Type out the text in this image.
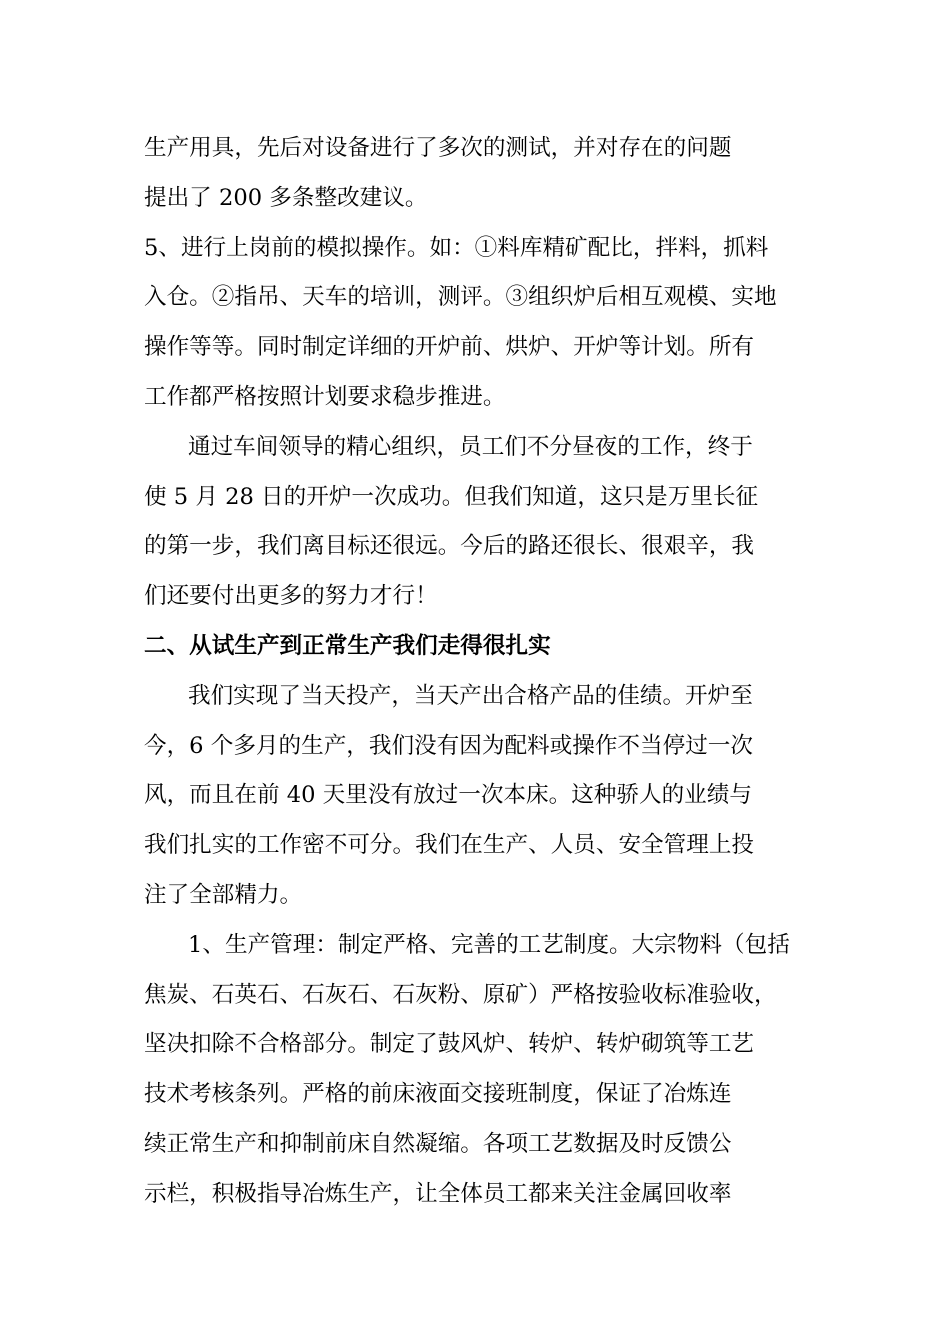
生产用具，先后对设备进行了多次的测试，并对存在的问题
提出了 200 多条整改建议。
5、进行上岗前的模拟操作。如：①料库精矿配比，拌料，抓料
入仓。②指吊、天车的培训，测评。③组织炉后相互观模、实地
操作等等。同时制定详细的开炉前、烘炉、开炉等计划。所有
工作都严格按照计划要求稳步推进。
通过车间领导的精心组织，员工们不分昼夜的工作，终于
使 5 月 28 日的开炉一次成功。但我们知道，这只是万里长征
的第一步，我们离目标还很远。今后的路还很长、很艰辛，我
们还要付出更多的努力才行！
二、从试生产到正常生产我们走得很扎实
我们实现了当天投产，当天产出合格产品的佳绩。开炉至
今，6 个多月的生产，我们没有因为配料或操作不当停过一次
风，而且在前 40 天里没有放过一次本床。这种骄人的业绩与
我们扎实的工作密不可分。我们在生产、人员、安全管理上投
注了全部精力。
1、生产管理：制定严格、完善的工艺制度。大宗物料（包括
焦炭、石英石、石灰石、石灰粉、原矿）严格按验收标准验收，
坚决扣除不合格部分。制定了鼓风炉、转炉、转炉砌筑等工艺
技术考核条列。严格的前床液面交接班制度，保证了冶炼连
续正常生产和抑制前床自然凝缩。各项工艺数据及时反馈公
示栏，积极指导冶炼生产，让全体员工都来关注金属回收率
